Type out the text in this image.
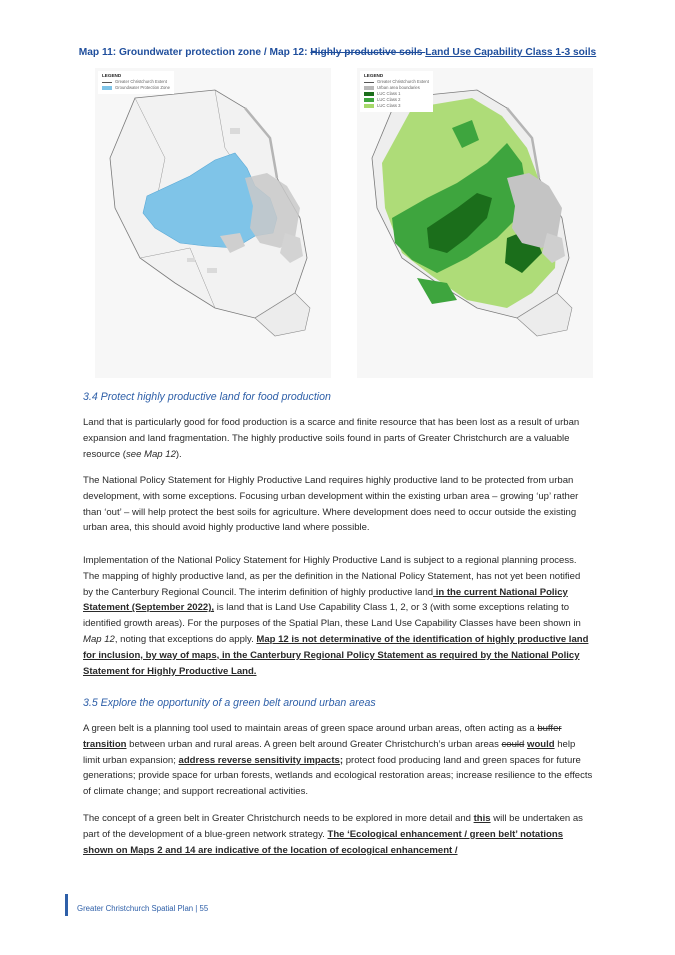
Map 11: Groundwater protection zone / Map 12: Highly productive soils Land Use Capability Class 1-3 soils
LEGEND
Greater Christchurch Extent
Groundwater Protection Zone
LEGEND
Greater Christchurch Extent
Urban area boundaries
LUC Class 1
LUC Class 2
LUC Class 3
3.4 Protect highly productive land for food production

Land that is particularly good for food production is a scarce and finite resource that has been lost as a result of urban expansion and land fragmentation. The highly productive soils found in parts of Greater Christchurch are a valuable resource (see Map 12).

The National Policy Statement for Highly Productive Land requires highly productive land to be protected from urban development, with some exceptions. Focusing urban development within the existing urban area – growing ‘up’ rather than ‘out’ – will help protect the best soils for agriculture. Where development does need to occur outside the existing urban area, this should avoid highly productive land where possible.

Implementation of the National Policy Statement for Highly Productive Land is subject to a regional planning process. The mapping of highly productive land, as per the definition in the National Policy Statement, has not yet been notified by the Canterbury Regional Council. The interim definition of highly productive land in the current National Policy Statement (September 2022), is land that is Land Use Capability Class 1, 2, or 3 (with some exceptions relating to identified growth areas). For the purposes of the Spatial Plan, these Land Use Capability Classes have been shown in Map 12, noting that exceptions do apply. Map 12 is not determinative of the identification of highly productive land for inclusion, by way of maps, in the Canterbury Regional Policy Statement as required by the National Policy Statement for Highly Productive Land.

3.5 Explore the opportunity of a green belt around urban areas

A green belt is a planning tool used to maintain areas of green space around urban areas, often acting as a buffer transition between urban and rural areas. A green belt around Greater Christchurch’s urban areas could would help limit urban expansion; address reverse sensitivity impacts; protect food producing land and green spaces for future generations; provide space for urban forests, wetlands and ecological restoration areas; increase resilience to the effects of climate change; and support recreational activities.

The concept of a green belt in Greater Christchurch needs to be explored in more detail and this will be undertaken as part of the development of a blue-green network strategy. The ‘Ecological enhancement / green belt’ notations shown on Maps 2 and 14 are indicative of the location of ecological enhancement /

Greater Christchurch Spatial Plan | 55
